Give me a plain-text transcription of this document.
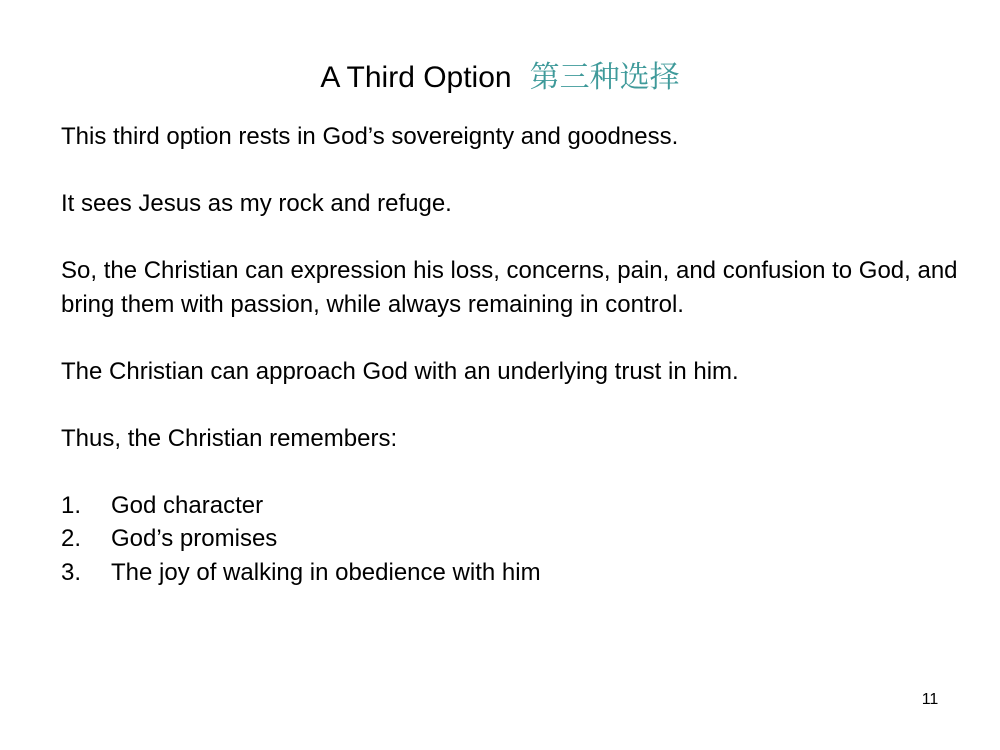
A Third Option 第三种选择

This third option rests in God’s sovereignty and goodness.

It sees Jesus as my rock and refuge.

So, the Christian can expression his loss, concerns, pain, and confusion to God, and bring them with passion, while always remaining in control.

The Christian can approach God with an underlying trust in him.

Thus, the Christian remembers:

1.	God character
2.	God’s promises
3.	The joy of walking in obedience with him
11
